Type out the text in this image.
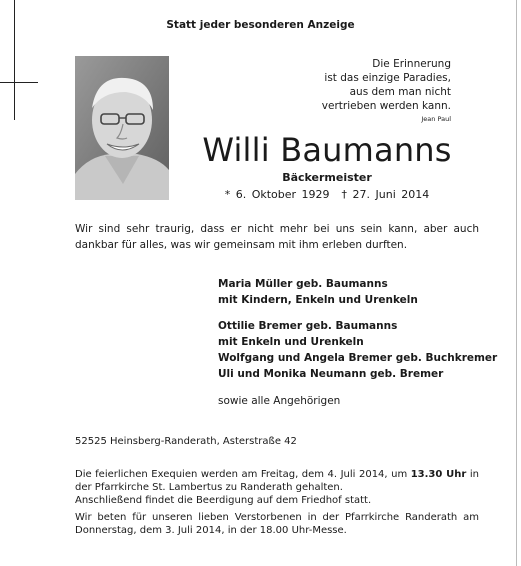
Statt jeder besonderen Anzeige
Die Erinnerung
ist das einzige Paradies,
aus dem man nicht
vertrieben werden kann.
Jean Paul
Willi Baumanns
Bäckermeister
* 6. Oktober 1929 † 27. Juni 2014
Wir sind sehr traurig, dass er nicht mehr bei uns sein kann, aber auch dankbar für alles, was wir gemeinsam mit ihm erleben durften.
Maria Müller geb. Baumanns
mit Kindern, Enkeln und Urenkeln
Ottilie Bremer geb. Baumanns
mit Enkeln und Urenkeln
Wolfgang und Angela Bremer geb. Buchkremer
Uli und Monika Neumann geb. Bremer
sowie alle Angehörigen
52525 Heinsberg-Randerath, Asterstraße 42

Die feierlichen Exequien werden am Freitag, dem 4. Juli 2014, um 13.30 Uhr in der Pfarrkirche St. Lambertus zu Randerath gehalten.

Anschließend findet die Beerdigung auf dem Friedhof statt.

Wir beten für unseren lieben Verstorbenen in der Pfarrkirche Randerath am Donnerstag, dem 3. Juli 2014, in der 18.00 Uhr-Messe.
